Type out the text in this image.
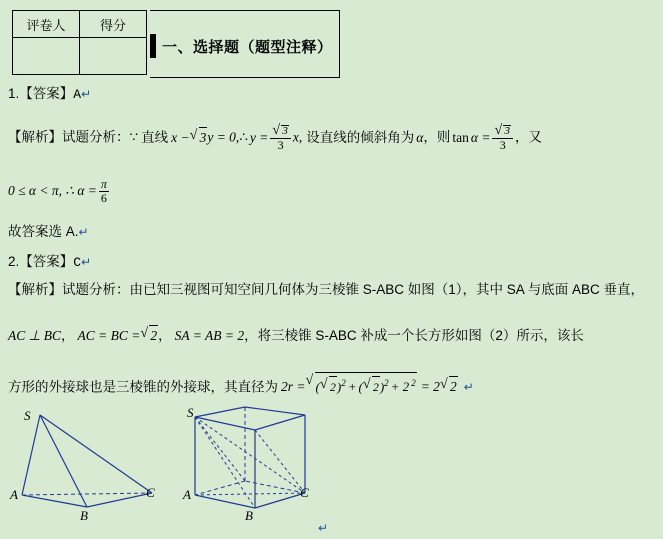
评卷人	得分

一、选择题（题型注释）
1.【答案】A↵
【解析】试题分析：∵ 直线 x − √ 3y = 0,∴ y = √ $\frac{3}{3} x$, 设直线的倾斜角为 α，则 tan α = √ $\frac{3}{3}$ ，又
0 ≤ α < π, ∴ $\alpha = \frac{\pi}{6}$
故答案选 A.↵
2.【答案】C↵
【解析】试题分析：由已知三视图可知空间几何体为三棱锥 S-ABC 如图（1），其中 SA 与底面 ABC 垂直，
AC ⊥ BC， AC = BC = √ 2， SA = AB = 2，将三棱锥 S-ABC 补成一个长方形如图（2）所示，该长
方形的外接球也是三棱锥的外接球，其直径为 2r = √ ( √ 2)$^2$ + ( √ 2)$^2$ + 2 $^2$ = 2 √ 2 ↵
S
A
B
C
S
A
B
C
↵
